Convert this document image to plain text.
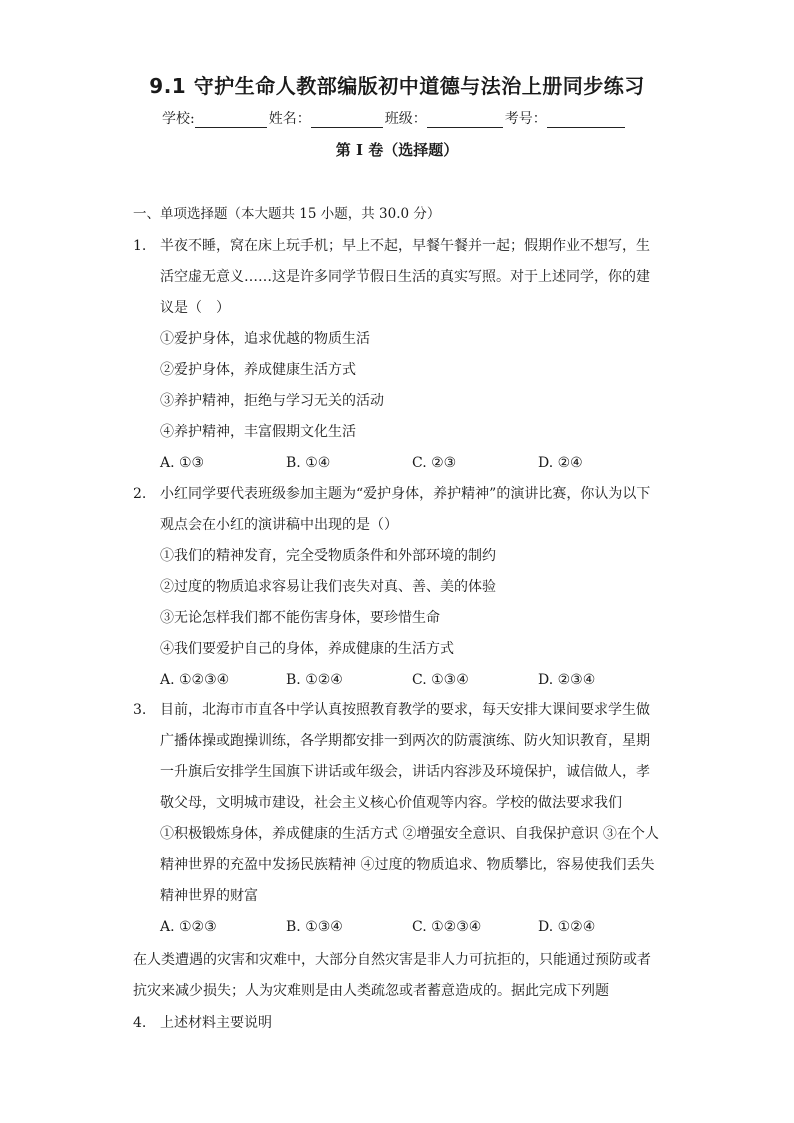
9.1 守护生命人教部编版初中道德与法治上册同步练习
学校:	姓名：	班级：	考号：
第 I 卷（选择题）
一、单项选择题（本大题共 15 小题，共 30.0 分）
1. 半夜不睡，窝在床上玩手机；早上不起，早餐午餐并一起；假期作业不想写，生活空虚无意义……这是许多同学节假日生活的真实写照。对于上述同学，你的建议是（　）
①爱护身体，追求优越的物质生活
②爱护身体，养成健康生活方式
③养护精神，拒绝与学习无关的活动
④养护精神，丰富假期文化生活
A. ①③	B. ①④	C. ②③	D. ②④
2. 小红同学要代表班级参加主题为“爱护身体，养护精神”的演讲比赛，你认为以下观点会在小红的演讲稿中出现的是（）
①我们的精神发育，完全受物质条件和外部环境的制约
②过度的物质追求容易让我们丧失对真、善、美的体验
③无论怎样我们都不能伤害身体，要珍惜生命
④我们要爱护自己的身体，养成健康的生活方式
A. ①②③④	B. ①②④	C. ①③④	D. ②③④
3. 目前，北海市市直各中学认真按照教育教学的要求，每天安排大课间要求学生做广播体操或跑操训练，各学期都安排一到两次的防震演练、防火知识教育，星期一升旗后安排学生国旗下讲话或年级会，讲话内容涉及环境保护，诚信做人，孝敬父母，文明城市建设，社会主义核心价值观等内容。学校的做法要求我们
①积极锻炼身体，养成健康的生活方式 ②增强安全意识、自我保护意识 ③在个人精神世界的充盈中发扬民族精神 ④过度的物质追求、物质攀比，容易使我们丢失精神世界的财富
A. ①②③	B. ①③④	C. ①②③④	D. ①②④
在人类遭遇的灾害和灾难中，大部分自然灾害是非人力可抗拒的，只能通过预防或者抗灾来减少损失；人为灾难则是由人类疏忽或者蓄意造成的。据此完成下列题
4. 上述材料主要说明
